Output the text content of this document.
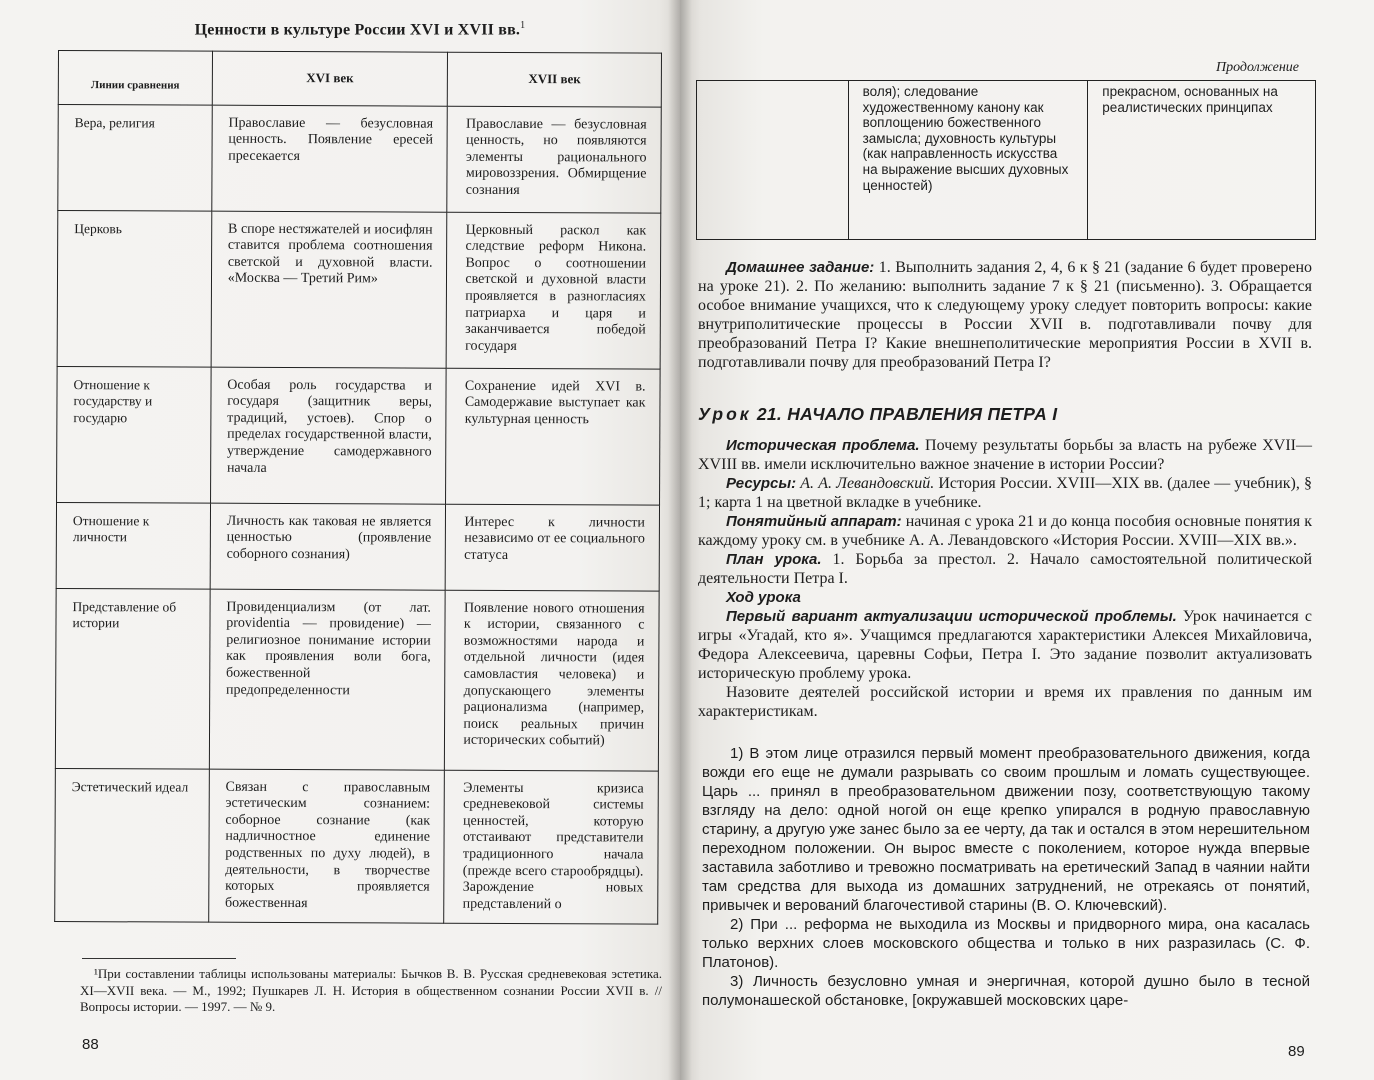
Ценности в культуре России XVI и XVII вв.$^1$
Линии сравнения	XVI век	XVII век
Вера, религия	Православие — безусловная ценность. Появление ересей пресекается	Православие — безусловная ценность, но появляются элементы рационального мировоззрения. Обмирщение сознания
Церковь	В споре нестяжателей и иосифлян ставится проблема соотношения светской и духовной власти. «Москва — Третий Рим»	Церковный раскол как следствие реформ Никона. Вопрос о соотношении светской и духовной власти проявляется в разногласиях патриарха и царя и заканчивается победой государя
Отношение к государству и государю	Особая роль государства и государя (защитник веры, традиций, устоев). Спор о пределах государственной власти, утверждение самодержавного начала	Сохранение идей XVI в. Самодержавие выступает как культурная ценность
Отношение к личности	Личность как таковая не является ценностью (проявление соборного сознания)	Интерес к личности независимо от ее социального статуса
Представление об истории	Провиденциализм (от лат. providentia — провидение) — религиозное понимание истории как проявления воли бога, божественной предопределенности	Появление нового отношения к истории, связанного с возможностями народа и отдельной личности (идея самовластия человека) и допускающего элементы рационализма (например, поиск реальных причин исторических событий)
Эстетический идеал	Связан с православным эстетическим сознанием: соборное сознание (как надличностное единение родственных по духу людей), в деятельности, в творчестве которых проявляется божественная	Элементы кризиса средневековой системы ценностей, которую отстаивают представители традиционного начала (прежде всего старообрядцы). Зарождение новых представлений о
¹При составлении таблицы использованы материалы: Бычков В. В. Русская средневековая эстетика. XI—XVII века. — М., 1992; Пушкарев Л. Н. История в общественном сознании России XVII в. // Вопросы истории. — 1997. — № 9.
88
Продолжение
	воля); следование художественному канону как воплощению божественного замысла; духовность культуры (как направленность искусства на выражение высших духовных ценностей)	прекрасном, основанных на реалистических принципах
Домашнее задание: 1. Выполнить задания 2, 4, 6 к § 21 (задание 6 будет проверено на уроке 21). 2. По желанию: выполнить задание 7 к § 21 (письменно). 3. Обращается особое внимание учащихся, что к следующему уроку следует повторить вопросы: какие внутриполитические процессы в России XVII в. подготавливали почву для преобразований Петра I? Какие внешнеполитические мероприятия России в XVII в. подготавливали почву для преобразований Петра I?
Урок 21. НАЧАЛО ПРАВЛЕНИЯ ПЕТРА I

Историческая проблема. Почему результаты борьбы за власть на рубеже XVII—XVIII вв. имели исключительно важное значение в истории России?

Ресурсы: А. А. Левандовский. История России. XVIII—XIX вв. (далее — учебник), § 1; карта 1 на цветной вкладке в учебнике.

Понятийный аппарат: начиная с урока 21 и до конца пособия основные понятия к каждому уроку см. в учебнике А. А. Левандовского «История России. XVIII—XIX вв.».

План урока. 1. Борьба за престол. 2. Начало самостоятельной политической деятельности Петра I.

Ход урока

Первый вариант актуализации исторической проблемы. Урок начинается с игры «Угадай, кто я». Учащимся предлагаются характеристики Алексея Михайловича, Федора Алексеевича, царевны Софьи, Петра I. Это задание позволит актуализовать историческую проблему урока.

Назовите деятелей российской истории и время их правления по данным им характеристикам.

1) В этом лице отразился первый момент преобразовательного движения, когда вожди его еще не думали разрывать со своим прошлым и ломать существующее. Царь ... принял в преобразовательном движении позу, соответствующую такому взгляду на дело: одной ногой он еще крепко упирался в родную православную старину, а другую уже занес было за ее черту, да так и остался в этом нерешительном переходном положении. Он вырос вместе с поколением, которое нужда впервые заставила заботливо и тревожно посматривать на еретический Запад в чаянии найти там средства для выхода из домашних затруднений, не отрекаясь от понятий, привычек и верований благочестивой старины (В. О. Ключевский).

2) При ... реформа не выходила из Москвы и придворного мира, она касалась только верхних слоев московского общества и только в них разразилась (С. Ф. Платонов).

3) Личность безусловно умная и энергичная, которой душно было в тесной полумонашеской обстановке, [окружавшей московских царе-

89
